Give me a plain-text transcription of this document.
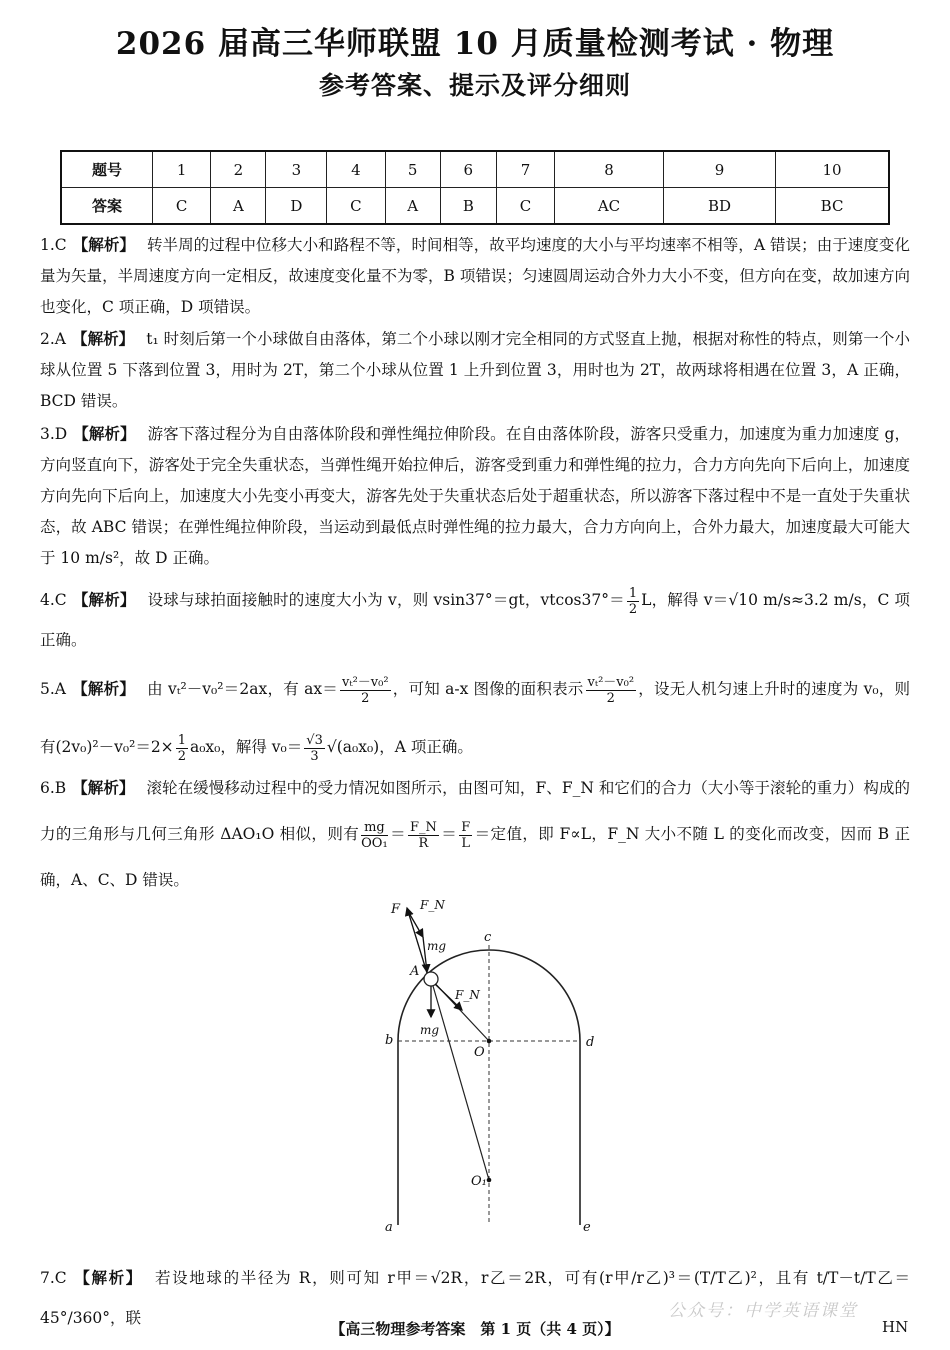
2026 届高三华师联盟 10 月质量检测考试 · 物理
参考答案、提示及评分细则
题号	1	2	3	4	5	6	7	8	9	10
答案	C	A	D	C	A	B	C	AC	BD	BC
1.C 【解析】 转半周的过程中位移大小和路程不等，时间相等，故平均速度的大小与平均速率不相等，A 错误；由于速度变化量为矢量，半周速度方向一定相反，故速度变化量不为零，B 项错误；匀速圆周运动合外力大小不变，但方向在变，故加速方向也变化，C 项正确，D 项错误。
2.A 【解析】 t₁ 时刻后第一个小球做自由落体，第二个小球以刚才完全相同的方式竖直上抛，根据对称性的特点，则第一个小球从位置 5 下落到位置 3，用时为 2T，第二个小球从位置 1 上升到位置 3，用时也为 2T，故两球将相遇在位置 3，A 正确，BCD 错误。
3.D 【解析】 游客下落过程分为自由落体阶段和弹性绳拉伸阶段。在自由落体阶段，游客只受重力，加速度为重力加速度 g，方向竖直向下，游客处于完全失重状态，当弹性绳开始拉伸后，游客受到重力和弹性绳的拉力，合力方向先向下后向上，加速度方向先向下后向上，加速度大小先变小再变大，游客先处于失重状态后处于超重状态，所以游客下落过程中不是一直处于失重状态，故 ABC 错误；在弹性绳拉伸阶段，当运动到最低点时弹性绳的拉力最大，合力方向向上，合外力最大，加速度最大可能大于 10 m/s²，故 D 正确。
4.C 【解析】 设球与球拍面接触时的速度大小为 v，则 vsin37°＝gt，$vtcos37^\circ= \frac{1}{2}$ L，解得 v＝√10 m/s≈3.2 m/s，C 项正确。
5.A 【解析】 由 vₜ²－v₀²＝2ax，有 $ax= \frac{\text{vₜ²－v₀²}}{2}$ ，可知 a-x 图像的面积表示 $\frac{\text{vₜ²－v₀²}}{2}$ ，设无人机匀速上升时的速度为 v₀，则有$(2v_0)^2-v_0^2=2\times \frac{1}{2} a_0x_0$，解得 $v_0= \frac{√3}{3} √(a_0x_0)$，A 项正确。
6.B 【解析】 滚轮在缓慢移动过程中的受力情况如图所示，由图可知，F、F_N 和它们的合力（大小等于滚轮的重力）构成的力的三角形与几何三角形 ΔAO₁O 相似，则有 $\frac{mg}{\text{OO₁}} = \frac{F\_N}{R} = \frac{F}{L}$ ＝定值，即 F∝L，F_N 大小不随 L 的变化而改变，因而 B 正确，A、C、D 错误。
F F_N
mg
c
A
F_N
mg
b
O
d
O₁
a	e
7.C 【解析】 若设地球的半径为 R，则可知 r甲＝√2R，r乙＝2R，可有(r甲/r乙)³＝(T/T乙)²，且有 t/T－t/T乙＝45°/360°，联	公众号：中学英语课堂
【高三物理参考答案　第 1 页（共 4 页）】	HN
